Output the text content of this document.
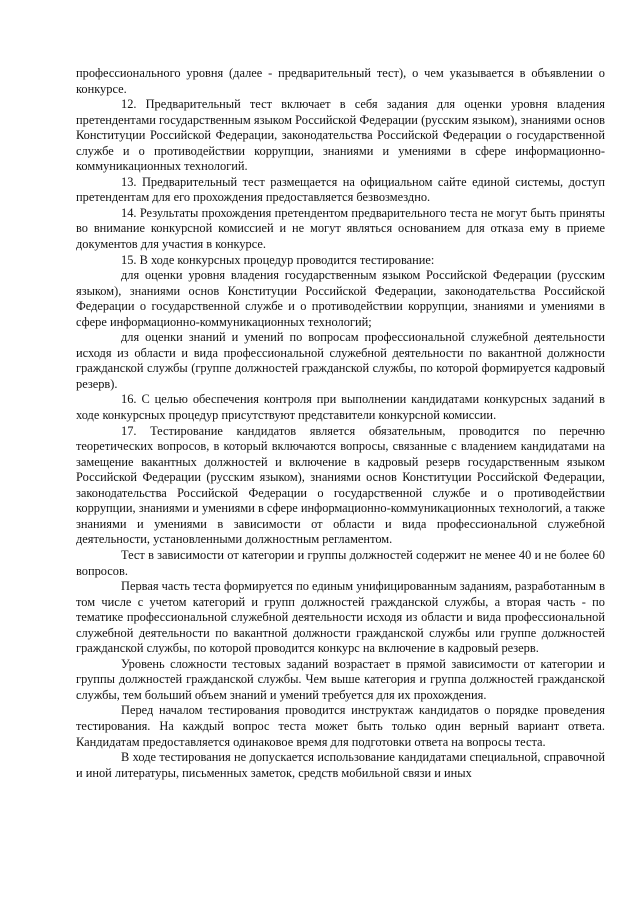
профессионального уровня (далее - предварительный тест), о чем указывается в объявлении о конкурсе.

12. Предварительный тест включает в себя задания для оценки уровня владения претендентами государственным языком Российской Федерации (русским языком), знаниями основ Конституции Российской Федерации, законодательства Российской Федерации о государственной службе и о противодействии коррупции, знаниями и умениями в сфере информационно-коммуникационных технологий.

13. Предварительный тест размещается на официальном сайте единой системы, доступ претендентам для его прохождения предоставляется безвозмездно.

14. Результаты прохождения претендентом предварительного теста не могут быть приняты во внимание конкурсной комиссией и не могут являться основанием для отказа ему в приеме документов для участия в конкурсе.

15. В ходе конкурсных процедур проводится тестирование:

для оценки уровня владения государственным языком Российской Федерации (русским языком), знаниями основ Конституции Российской Федерации, законодательства Российской Федерации о государственной службе и о противодействии коррупции, знаниями и умениями в сфере информационно-коммуникационных технологий;

для оценки знаний и умений по вопросам профессиональной служебной деятельности исходя из области и вида профессиональной служебной деятельности по вакантной должности гражданской службы (группе должностей гражданской службы, по которой формируется кадровый резерв).

16. С целью обеспечения контроля при выполнении кандидатами конкурсных заданий в ходе конкурсных процедур присутствуют представители конкурсной комиссии.

17. Тестирование кандидатов является обязательным, проводится по перечню теоретических вопросов, в который включаются вопросы, связанные с владением кандидатами на замещение вакантных должностей и включение в кадровый резерв государственным языком Российской Федерации (русским языком), знаниями основ Конституции Российской Федерации, законодательства Российской Федерации о государственной службе и о противодействии коррупции, знаниями и умениями в сфере информационно-коммуникационных технологий, а также знаниями и умениями в зависимости от области и вида профессиональной служебной деятельности, установленными должностным регламентом.

Тест в зависимости от категории и группы должностей содержит не менее 40 и не более 60 вопросов.

Первая часть теста формируется по единым унифицированным заданиям, разработанным в том числе с учетом категорий и групп должностей гражданской службы, а вторая часть - по тематике профессиональной служебной деятельности исходя из области и вида профессиональной служебной деятельности по вакантной должности гражданской службы или группе должностей гражданской службы, по которой проводится конкурс на включение в кадровый резерв.

Уровень сложности тестовых заданий возрастает в прямой зависимости от категории и группы должностей гражданской службы. Чем выше категория и группа должностей гражданской службы, тем больший объем знаний и умений требуется для их прохождения.

Перед началом тестирования проводится инструктаж кандидатов о порядке проведения тестирования. На каждый вопрос теста может быть только один верный вариант ответа. Кандидатам предоставляется одинаковое время для подготовки ответа на вопросы теста.

В ходе тестирования не допускается использование кандидатами специальной, справочной и иной литературы, письменных заметок, средств мобильной связи и иных
